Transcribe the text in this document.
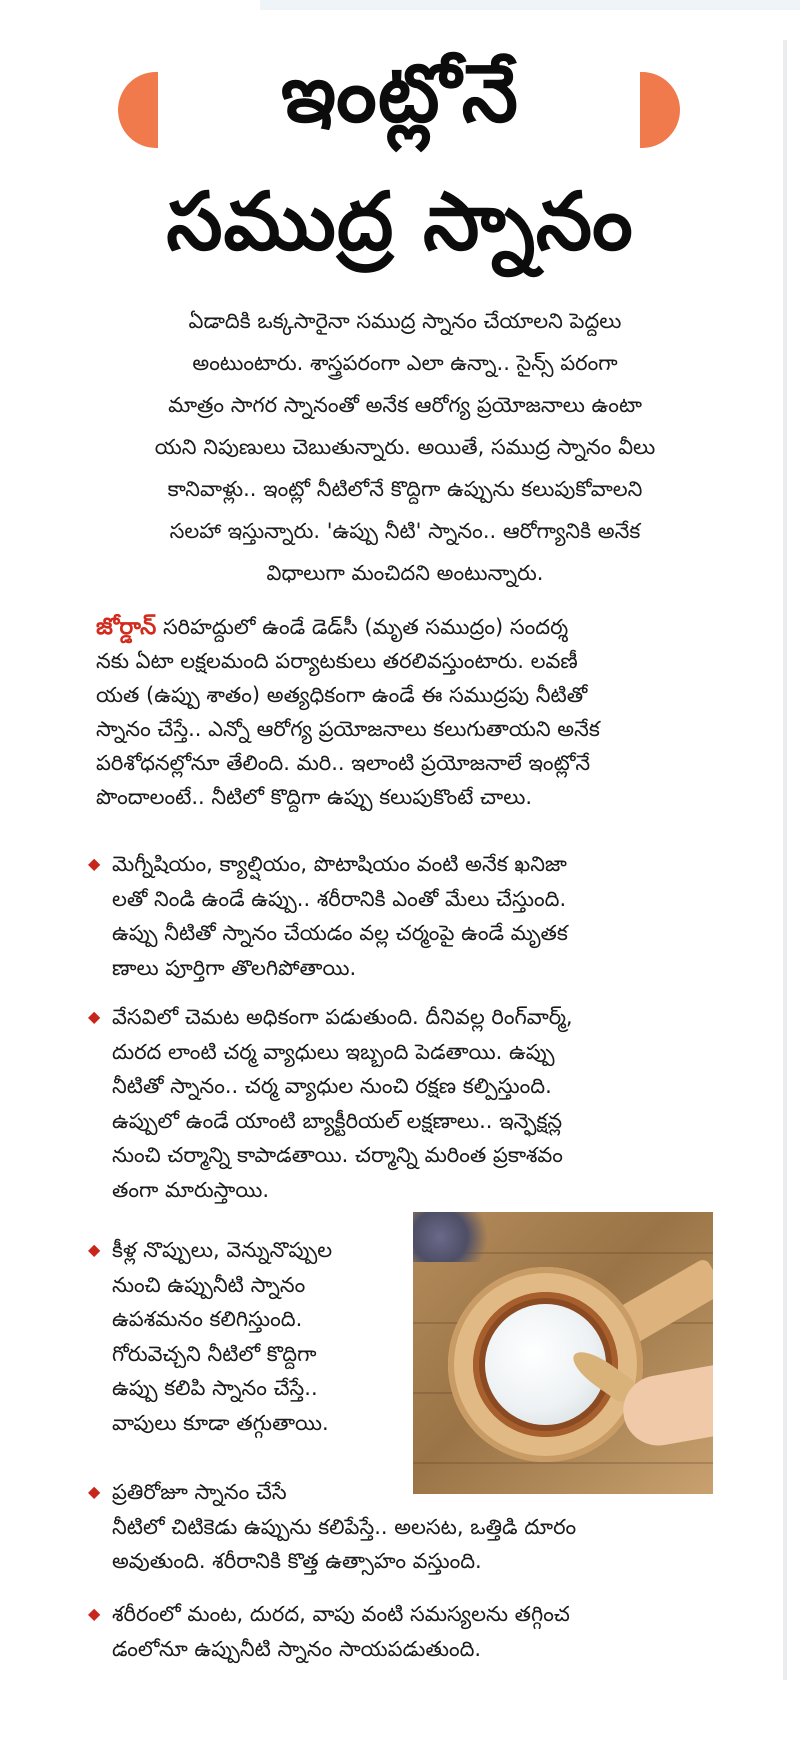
ఇంట్లోనే
సముద్ర స్నానం
ఏడాదికి ఒక్కసారైనా సముద్ర స్నానం చేయాలని పెద్దలు
అంటుంటారు. శాస్త్రపరంగా ఎలా ఉన్నా.. సైన్స్ పరంగా
మాత్రం సాగర స్నానంతో అనేక ఆరోగ్య ప్రయోజనాలు ఉంటా
యని నిపుణులు చెబుతున్నారు. అయితే, సముద్ర స్నానం వీలు
కానివాళ్లు.. ఇంట్లో నీటిలోనే కొద్దిగా ఉప్పును కలుపుకోవాలని
సలహా ఇస్తున్నారు. 'ఉప్పు నీటి' స్నానం.. ఆరోగ్యానికి అనేక
విధాలుగా మంచిదని అంటున్నారు.
జోర్డాన్ సరిహద్దులో ఉండే డెడ్‌సీ (మృత సముద్రం) సందర్శ
నకు ఏటా లక్షలమంది పర్యాటకులు తరలివస్తుంటారు. లవణీ
యత (ఉప్పు శాతం) అత్యధికంగా ఉండే ఈ సముద్రపు నీటితో
స్నానం చేస్తే.. ఎన్నో ఆరోగ్య ప్రయోజనాలు కలుగుతాయని అనేక
పరిశోధనల్లోనూ తేలింది. మరి.. ఇలాంటి ప్రయోజనాలే ఇంట్లోనే
పొందాలంటే.. నీటిలో కొద్దిగా ఉప్పు కలుపుకొంటే చాలు.
◆ మెగ్నీషియం, క్యాల్షియం, పొటాషియం వంటి అనేక ఖనిజా
లతో నిండి ఉండే ఉప్పు.. శరీరానికి ఎంతో మేలు చేస్తుంది.
ఉప్పు నీటితో స్నానం చేయడం వల్ల చర్మంపై ఉండే మృతక
ణాలు పూర్తిగా తొలగిపోతాయి.
◆ వేసవిలో చెమట అధికంగా పడుతుంది. దీనివల్ల రింగ్‌వార్మ్,
దురద లాంటి చర్మ వ్యాధులు ఇబ్బంది పెడతాయి. ఉప్పు
నీటితో స్నానం.. చర్మ వ్యాధుల నుంచి రక్షణ కల్పిస్తుంది.
ఉప్పులో ఉండే యాంటి బ్యాక్టీరియల్ లక్షణాలు.. ఇన్ఫెక్షన్ల
నుంచి చర్మాన్ని కాపాడతాయి. చర్మాన్ని మరింత ప్రకాశవం
తంగా మారుస్తాయి.
◆ కీళ్ల నొప్పులు, వెన్నునొప్పుల
నుంచి ఉప్పునీటి స్నానం
ఉపశమనం కలిగిస్తుంది.
గోరువెచ్చని నీటిలో కొద్దిగా
ఉప్పు కలిపి స్నానం చేస్తే..
వాపులు కూడా తగ్గుతాయి.
◆ ప్రతిరోజూ స్నానం చేసే
నీటిలో చిటికెడు ఉప్పును కలిపేస్తే.. అలసట, ఒత్తిడి దూరం
అవుతుంది. శరీరానికి కొత్త ఉత్సాహం వస్తుంది.
◆ శరీరంలో మంట, దురద, వాపు వంటి సమస్యలను తగ్గించ
డంలోనూ ఉప్పునీటి స్నానం సాయపడుతుంది.
